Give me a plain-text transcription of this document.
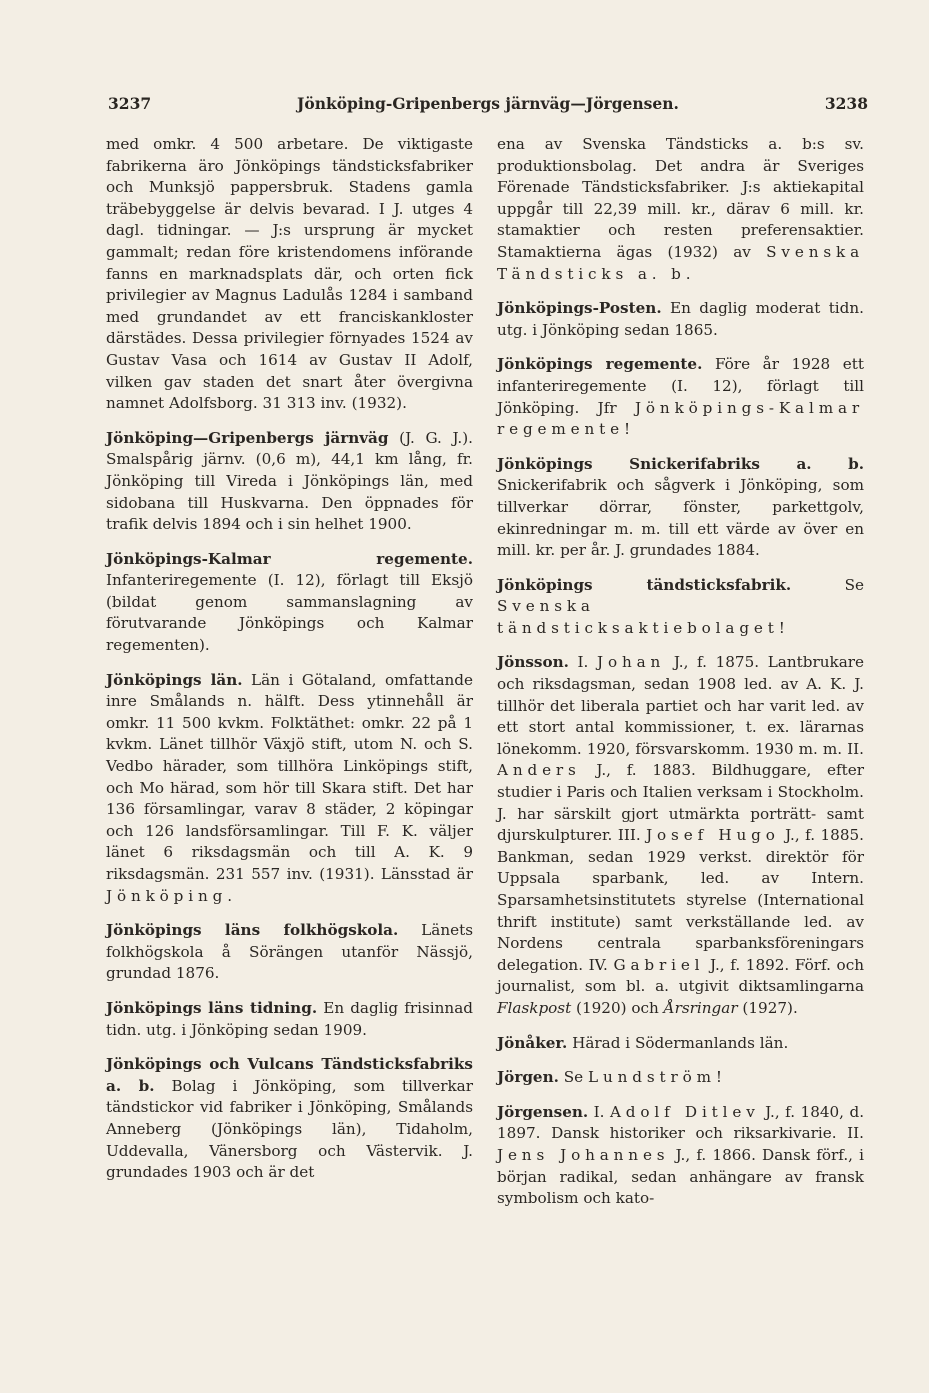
3237	Jönköping-Gripenbergs järnväg—Jörgensen.	3238

med omkr. 4 500 arbetare. De viktigaste fabrikerna äro Jönköpings tändsticksfabriker och Munksjö pappersbruk. Stadens gamla träbebyggelse är delvis bevarad. I J. utges 4 dagl. tidningar. — J:s ursprung är mycket gammalt; redan före kristendomens införande fanns en marknadsplats där, och orten fick privilegier av Magnus Ladulås 1284 i samband med grundandet av ett franciskankloster därstädes. Dessa privilegier förnyades 1524 av Gustav Vasa och 1614 av Gustav II Adolf, vilken gav staden det snart åter övergivna namnet Adolfsborg. 31 313 inv. (1932).

Jönköping—Gripenbergs järnväg (J. G. J.). Smalspårig järnv. (0,6 m), 44,1 km lång, fr. Jönköping till Vireda i Jönköpings län, med sidobana till Huskvarna. Den öppnades för trafik delvis 1894 och i sin helhet 1900.

Jönköpings-Kalmar regemente. Infanteriregemente (I. 12), förlagt till Eksjö (bildat genom sammanslagning av förutvarande Jönköpings och Kalmar regementen).

Jönköpings län. Län i Götaland, omfattande inre Smålands n. hälft. Dess ytinnehåll är omkr. 11 500 kvkm. Folktäthet: omkr. 22 på 1 kvkm. Länet tillhör Växjö stift, utom N. och S. Vedbo härader, som tillhöra Linköpings stift, och Mo härad, som hör till Skara stift. Det har 136 församlingar, varav 8 städer, 2 köpingar och 126 landsförsamlingar. Till F. K. väljer länet 6 riksdagsmän och till A. K. 9 riksdagsmän. 231 557 inv. (1931). Länsstad är Jönköping.

Jönköpings läns folkhögskola. Länets folkhögskola å Sörängen utanför Nässjö, grundad 1876.

Jönköpings läns tidning. En daglig frisinnad tidn. utg. i Jönköping sedan 1909.

Jönköpings och Vulcans Tändsticksfabriks a. b. Bolag i Jönköping, som tillverkar tändstickor vid fabriker i Jönköping, Smålands Anneberg (Jönköpings län), Tidaholm, Uddevalla, Vänersborg och Västervik. J. grundades 1903 och är det

ena av Svenska Tändsticks a. b:s sv. produktionsbolag. Det andra är Sveriges Förenade Tändsticksfabriker. J:s aktiekapital uppgår till 22,39 mill. kr., därav 6 mill. kr. stamaktier och resten preferensaktier. Stamaktierna ägas (1932) av Svenska Tändsticks a. b.

Jönköpings-Posten. En daglig moderat tidn. utg. i Jönköping sedan 1865.

Jönköpings regemente. Före år 1928 ett infanteriregemente (I. 12), förlagt till Jönköping. Jfr Jönköpings-Kalmar regemente!

Jönköpings Snickerifabriks a. b. Snickerifabrik och sågverk i Jönköping, som tillverkar dörrar, fönster, parkettgolv, ekinredningar m. m. till ett värde av över en mill. kr. per år. J. grundades 1884.

Jönköpings tändsticksfabrik. Se Svenska tändsticksaktiebolaget!

Jönsson. I. Johan J., f. 1875. Lantbrukare och riksdagsman, sedan 1908 led. av A. K. J. tillhör det liberala partiet och har varit led. av ett stort antal kommissioner, t. ex. lärarnas lönekomm. 1920, försvarskomm. 1930 m. m. II. Anders J., f. 1883. Bildhuggare, efter studier i Paris och Italien verksam i Stockholm. J. har särskilt gjort utmärkta porträtt- samt djurskulpturer. III. Josef Hugo J., f. 1885. Bankman, sedan 1929 verkst. direktör för Uppsala sparbank, led. av Intern. Sparsamhetsinstitutets styrelse (International thrift institute) samt verkställande led. av Nordens centrala sparbanksföreningars delegation. IV. Gabriel J., f. 1892. Förf. och journalist, som bl. a. utgivit diktsamlingarna Flaskpost (1920) och Årsringar (1927).

Jönåker. Härad i Södermanlands län.

Jörgen. Se Lundström!

Jörgensen. I. Adolf Ditlev J., f. 1840, d. 1897. Dansk historiker och riksarkivarie. II. Jens Johannes J., f. 1866. Dansk förf., i början radikal, sedan anhängare av fransk symbolism och kato-
